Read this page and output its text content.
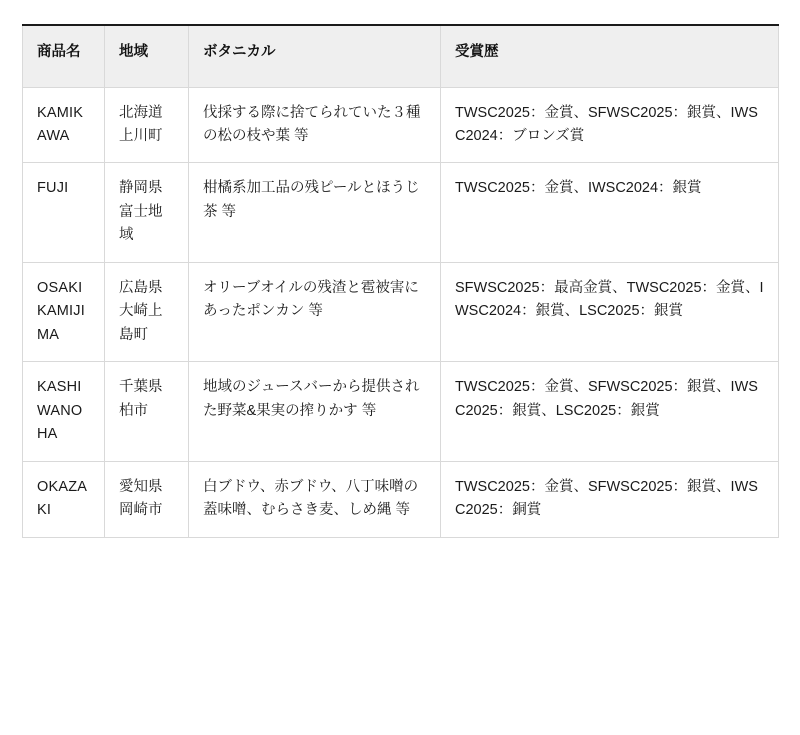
商品名	地域	ボタニカル	受賞歴
KAMIKAWA	北海道 上川町	伐採する際に捨てられていた３種の松の枝や葉 等	TWSC2025：金賞、SFWSC2025：銀賞、IWSC2024：ブロンズ賞
FUJI	静岡県 富士地域	柑橘系加工品の残ピールとほうじ茶 等	TWSC2025：金賞、IWSC2024：銀賞
OSAKIKAMIJIMA	広島県 大崎上島町	オリーブオイルの残渣と雹被害にあったポンカン 等	SFWSC2025：最高金賞、TWSC2025：金賞、IWSC2024：銀賞、LSC2025：銀賞
KASHIWANOHA	千葉県 柏市	地域のジュースバーから提供された野菜&果実の搾りかす 等	TWSC2025：金賞、SFWSC2025：銀賞、IWSC2025：銀賞、LSC2025：銀賞
OKAZAKI	愛知県 岡崎市	白ブドウ、赤ブドウ、八丁味噌の蓋味噌、むらさき麦、しめ縄 等	TWSC2025：金賞、SFWSC2025：銀賞、IWSC2025：銅賞
